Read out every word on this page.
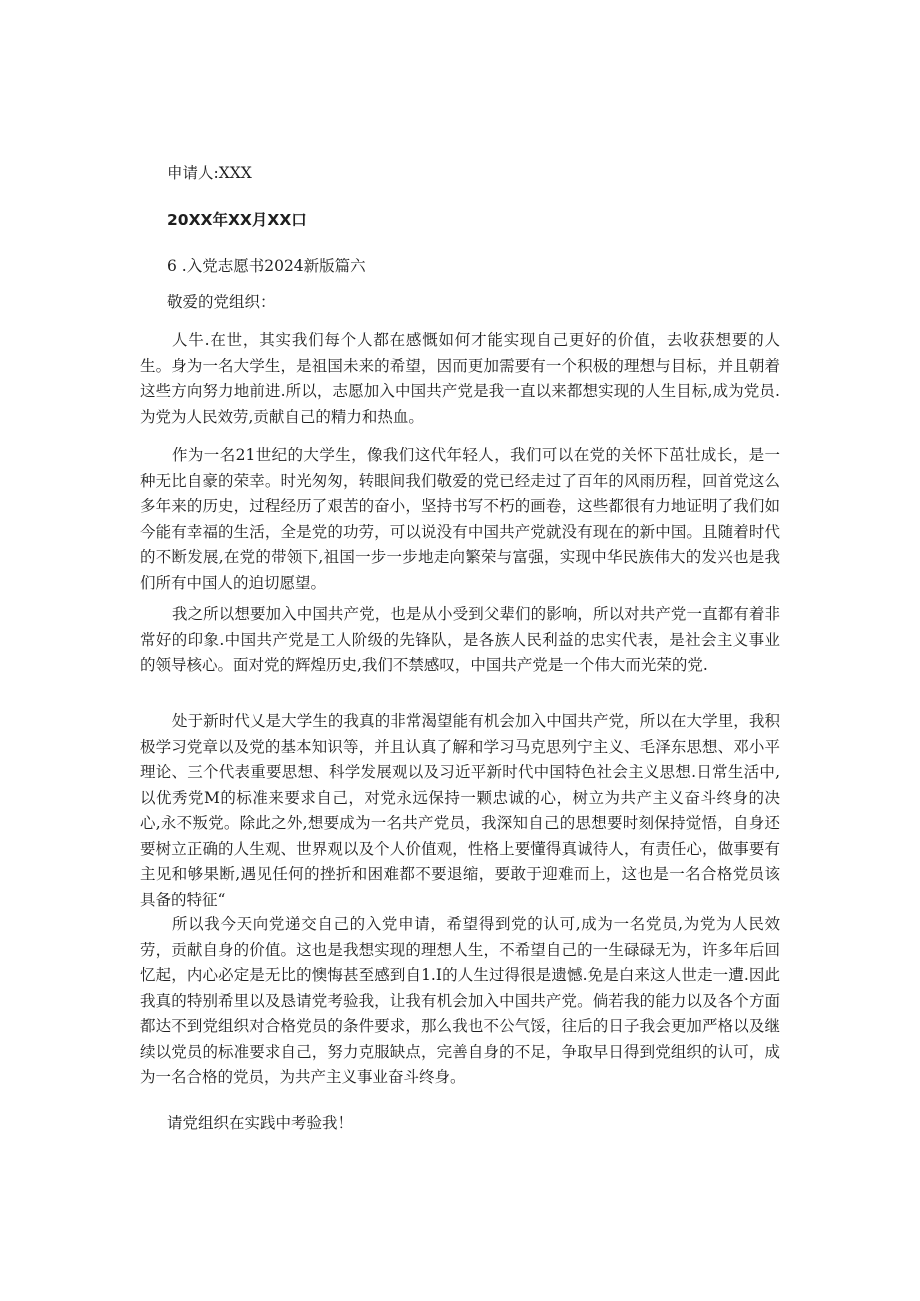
申请人:XXX
20XX年XX月XX口
6 .入党志愿书2024新版篇六
敬爱的党组织：

人牛.在世，其实我们每个人都在感慨如何才能实现自己更好的价值，去收获想要的人生。身为一名大学生，是祖国未来的希望，因而更加需要有一个积极的理想与目标，并且朝着这些方向努力地前进.所以，志愿加入中国共产党是我一直以来都想实现的人生目标,成为党员.为党为人民效劳,贡献自己的精力和热血。

作为一名21世纪的大学生，像我们这代年轻人，我们可以在党的关怀下茁壮成长，是一种无比自豪的荣幸。时光匆匆，转眼间我们敬爱的党已经走过了百年的风雨历程，回首党这么多年来的历史，过程经历了艰苦的奋小，坚持书写不朽的画卷，这些都很有力地证明了我们如今能有幸福的生活，全是党的功劳，可以说没有中国共产党就没有现在的新中国。且随着时代的不断发展,在党的带领下,祖国一步一步地走向繁荣与富强，实现中华民族伟大的发兴也是我们所有中国人的迫切愿望。

我之所以想要加入中国共产党，也是从小受到父辈们的影响，所以对共产党一直都有着非常好的印象.中国共产党是工人阶级的先锋队，是各族人民利益的忠实代表，是社会主义事业的领导核心。面对党的辉煌历史,我们不禁感叹，中国共产党是一个伟大而光荣的党.

处于新时代乂是大学生的我真的非常渴望能有机会加入中国共产党，所以在大学里，我积极学习党章以及党的基本知识等，并且认真了解和学习马克思列宁主义、毛泽东思想、邓小平理论、三个代表重要思想、科学发展观以及习近平新时代中国特色社会主义思想.日常生活中,以优秀党M的标准来要求自己，对党永远保持一颗忠诚的心，树立为共产主义奋斗终身的决心,永不叛党。除此之外,想要成为一名共产党员，我深知自己的思想要时刻保持觉悟，自身还要树立正确的人生观、世界观以及个人价值观，性格上要懂得真诚待人，有责任心，做事要有主见和够果断,遇见任何的挫折和困难都不要退缩，要敢于迎难而上，这也是一名合格党员该具备的特征“

所以我今天向党递交自己的入党申请，希望得到党的认可,成为一名党员,为党为人民效劳，贡献自身的价值。这也是我想实现的理想人生，不希望自己的一生碌碌无为，许多年后回忆起，内心必定是无比的懊悔甚至感到自1.I的人生过得很是遗憾.免是白来这人世走一遭.因此我真的特别希里以及恳请党考验我，让我有机会加入中国共产党。倘若我的能力以及各个方面都达不到党组织对合格党员的条件要求，那么我也不公气馁，往后的日子我会更加严格以及继续以党员的标准要求自己，努力克服缺点，完善自身的不足，争取早日得到党组织的认可，成为一名合格的党员，为共产主义事业奋斗终身。

请党组织在实践中考验我！
